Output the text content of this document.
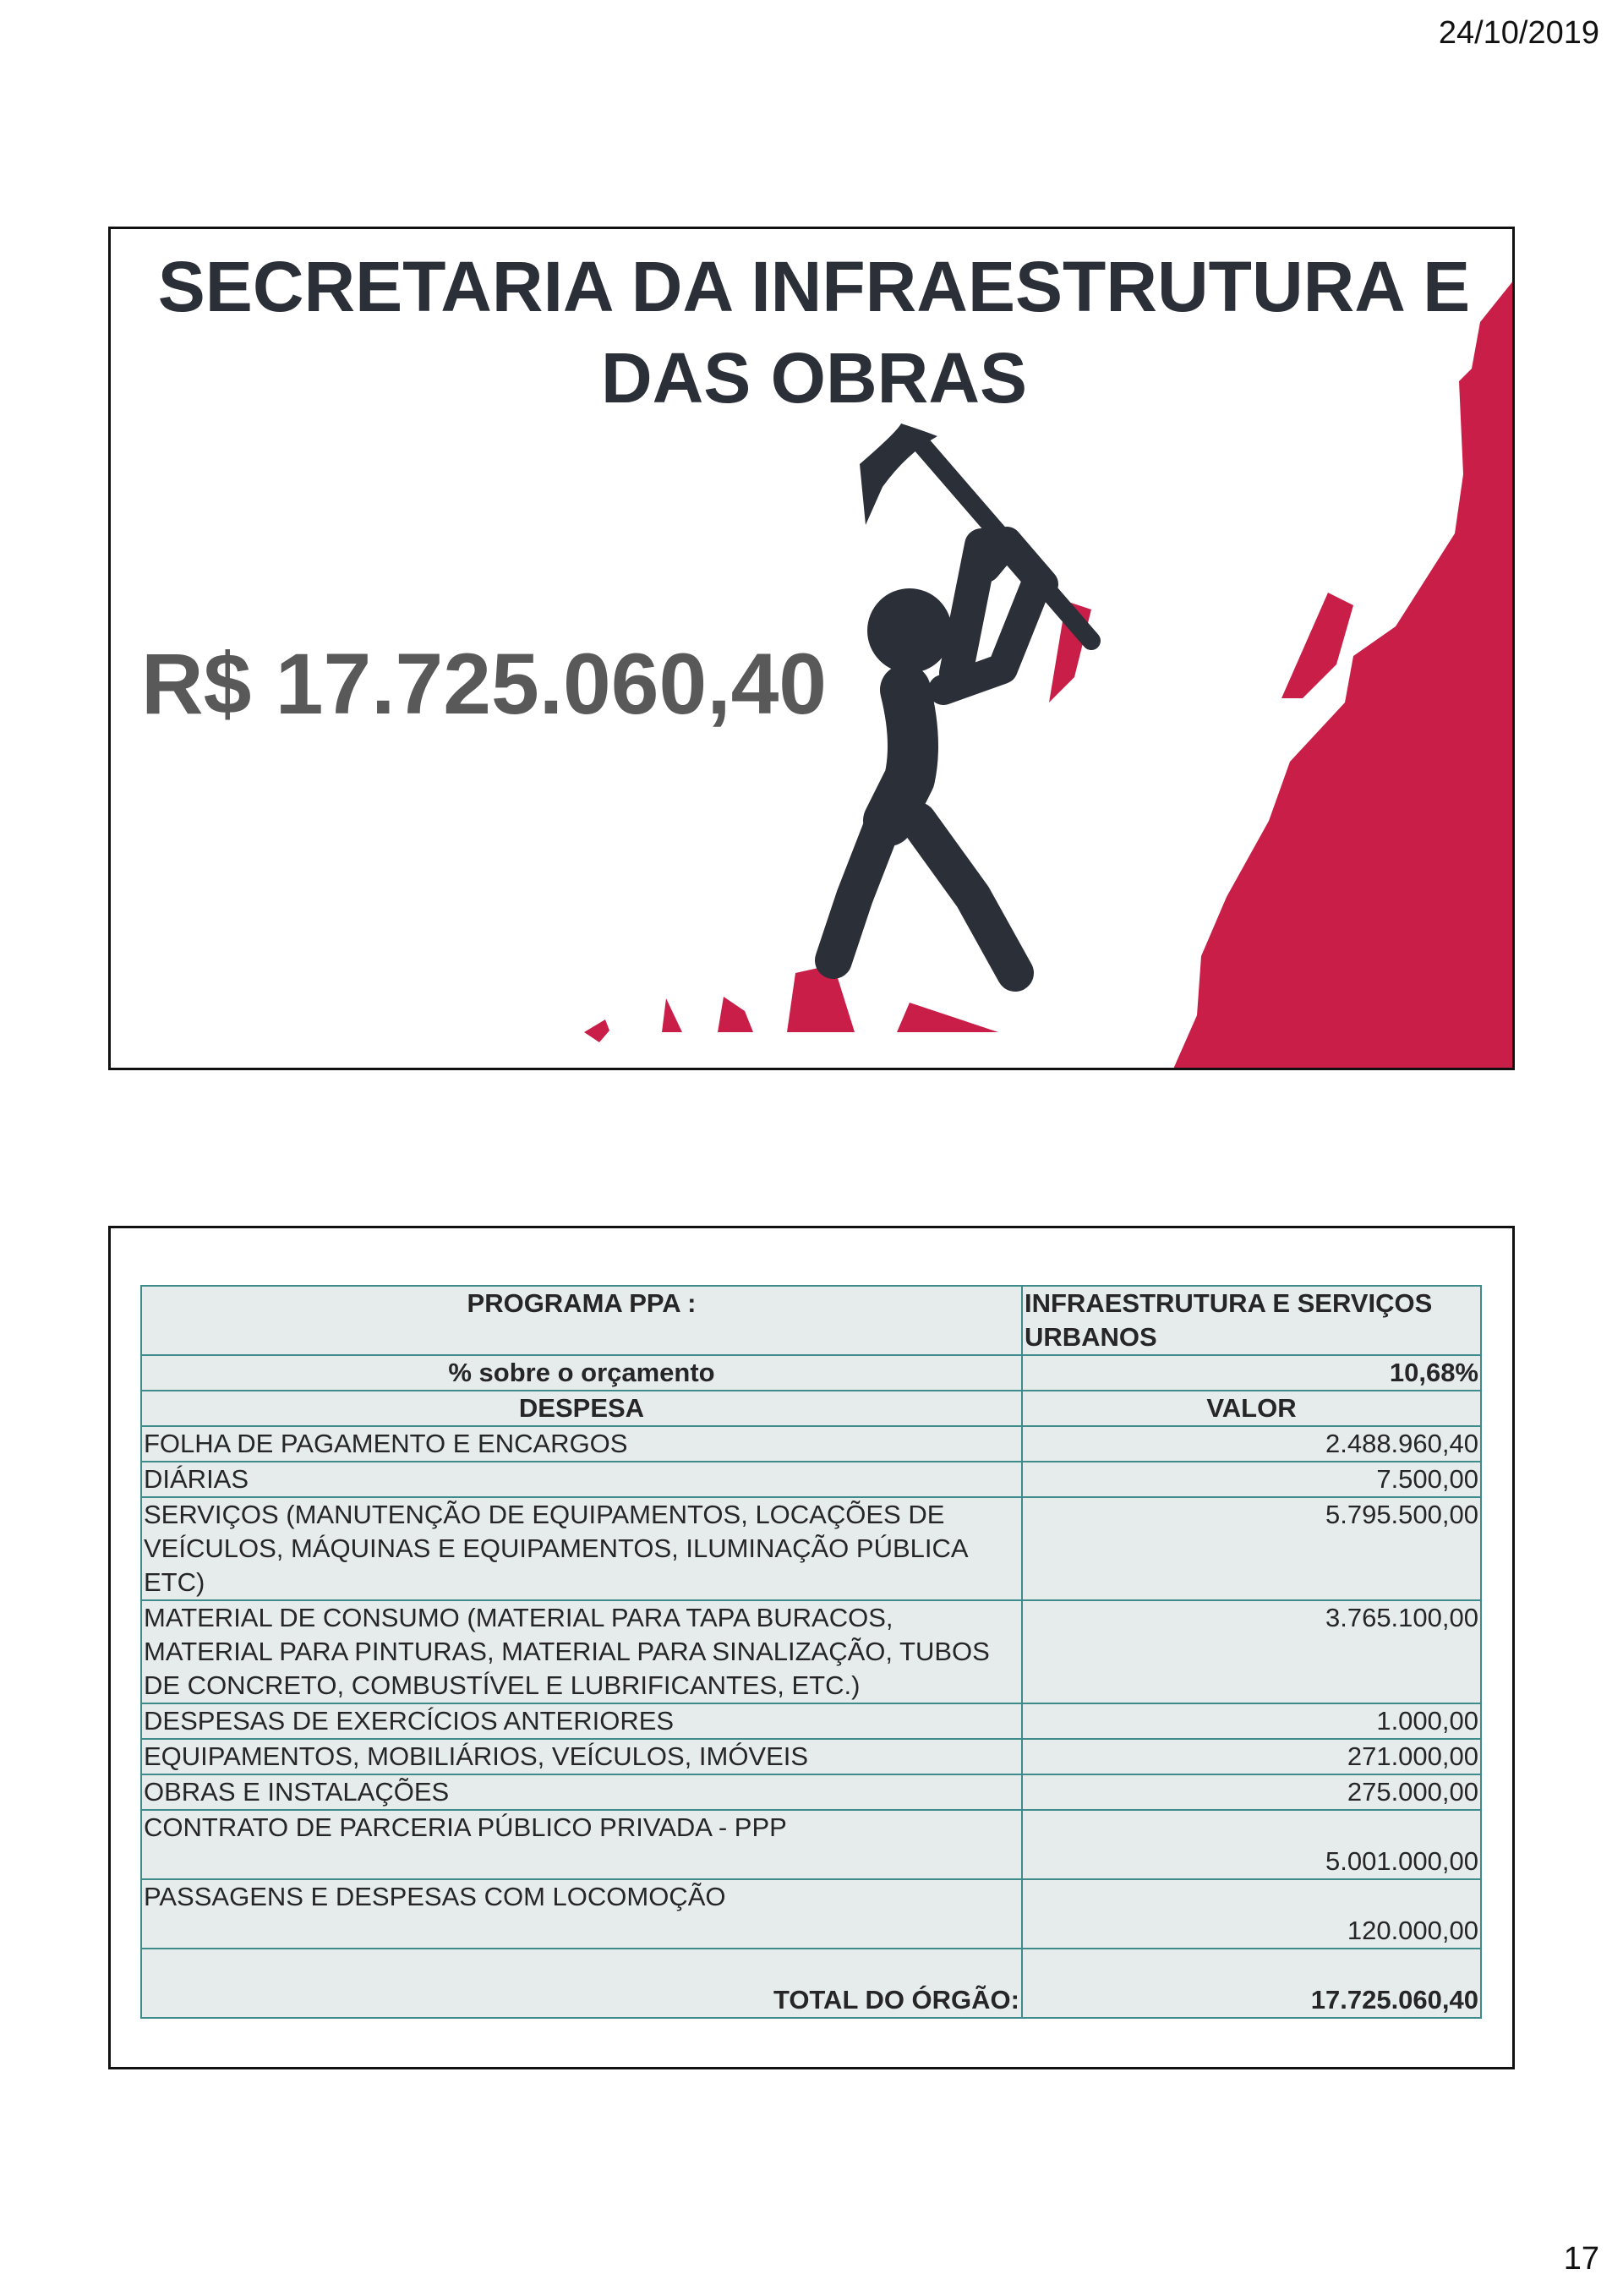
24/10/2019
SECRETARIA DA INFRAESTRUTURA E
DAS OBRAS
R$ 17.725.060,40
PROGRAMA PPA :	INFRAESTRUTURA E SERVIÇOS URBANOS
% sobre o orçamento	10,68%
DESPESA	VALOR
FOLHA DE PAGAMENTO E ENCARGOS	2.488.960,40
DIÁRIAS	7.500,00
SERVIÇOS (MANUTENÇÃO DE EQUIPAMENTOS, LOCAÇÕES DE VEÍCULOS, MÁQUINAS E EQUIPAMENTOS, ILUMINAÇÃO PÚBLICA ETC)	5.795.500,00
MATERIAL DE CONSUMO (MATERIAL PARA TAPA BURACOS, MATERIAL PARA PINTURAS, MATERIAL PARA SINALIZAÇÃO, TUBOS DE CONCRETO, COMBUSTÍVEL E LUBRIFICANTES, ETC.)	3.765.100,00
DESPESAS DE EXERCÍCIOS ANTERIORES	1.000,00
EQUIPAMENTOS, MOBILIÁRIOS, VEÍCULOS, IMÓVEIS	271.000,00
OBRAS E INSTALAÇÕES	275.000,00
CONTRATO DE PARCERIA PÚBLICO PRIVADA - PPP	5.001.000,00
PASSAGENS E DESPESAS COM LOCOMOÇÃO	120.000,00
TOTAL DO ÓRGÃO:	17.725.060,40
17
